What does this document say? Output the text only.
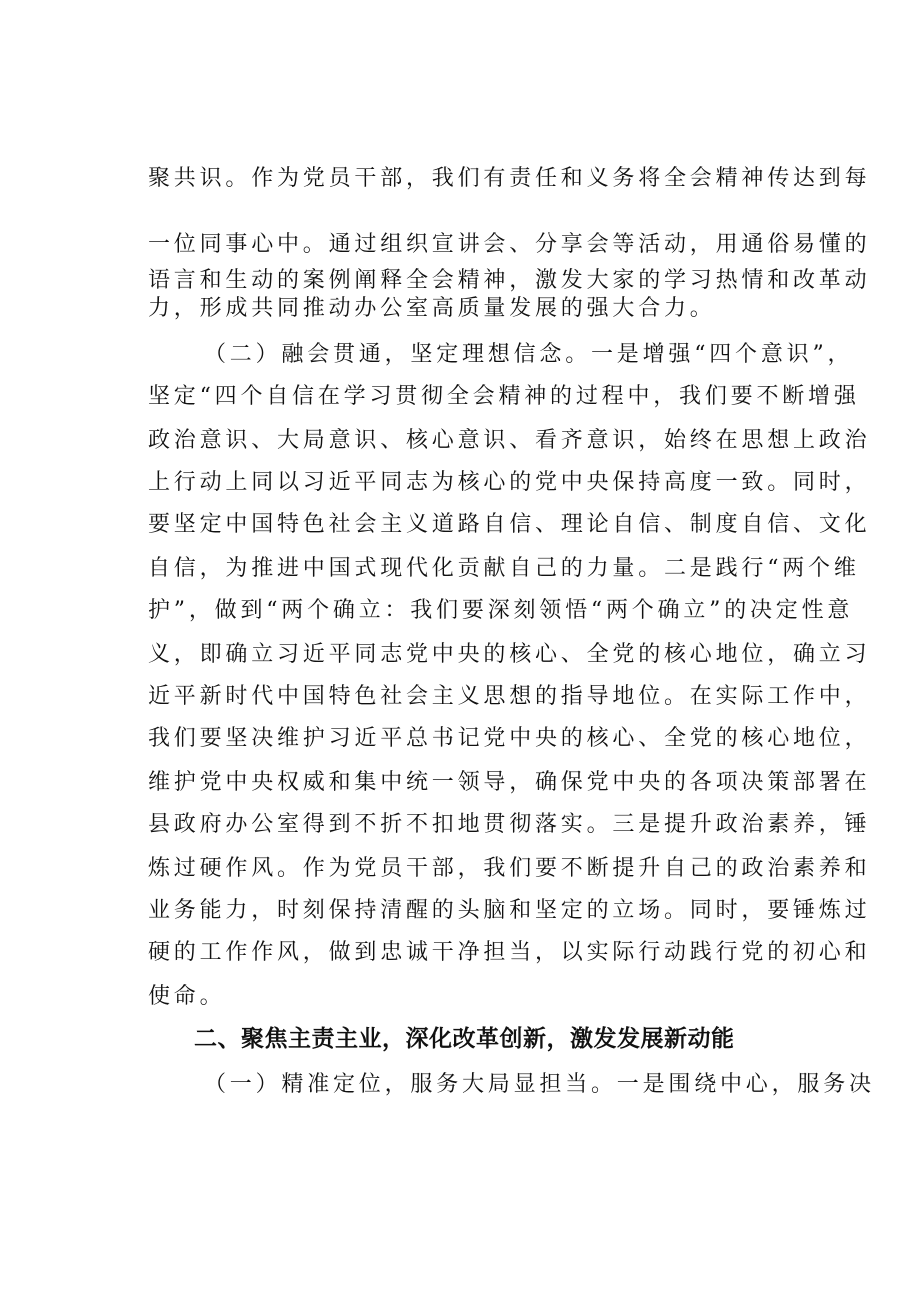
聚共识。作为党员干部，我们有责任和义务将全会精神传达到每
一位同事心中。通过组织宣讲会、分享会等活动，用通俗易懂的
语言和生动的案例阐释全会精神，激发大家的学习热情和改革动
力，形成共同推动办公室高质量发展的强大合力。
（二）融会贯通，坚定理想信念。一是增强“四个意识”，
坚定“四个自信在学习贯彻全会精神的过程中，我们要不断增强
政治意识、大局意识、核心意识、看齐意识，始终在思想上政治
上行动上同以习近平同志为核心的党中央保持高度一致。同时，
要坚定中国特色社会主义道路自信、理论自信、制度自信、文化
自信，为推进中国式现代化贡献自己的力量。二是践行“两个维
护”，做到“两个确立：我们要深刻领悟“两个确立”的决定性意
义，即确立习近平同志党中央的核心、全党的核心地位，确立习
近平新时代中国特色社会主义思想的指导地位。在实际工作中，
我们要坚决维护习近平总书记党中央的核心、全党的核心地位，
维护党中央权威和集中统一领导，确保党中央的各项决策部署在
县政府办公室得到不折不扣地贯彻落实。三是提升政治素养，锤
炼过硬作风。作为党员干部，我们要不断提升自己的政治素养和
业务能力，时刻保持清醒的头脑和坚定的立场。同时，要锤炼过
硬的工作作风，做到忠诚干净担当，以实际行动践行党的初心和
使命。
二、聚焦主责主业，深化改革创新，激发发展新动能
（一）精准定位，服务大局显担当。一是围绕中心，服务决
